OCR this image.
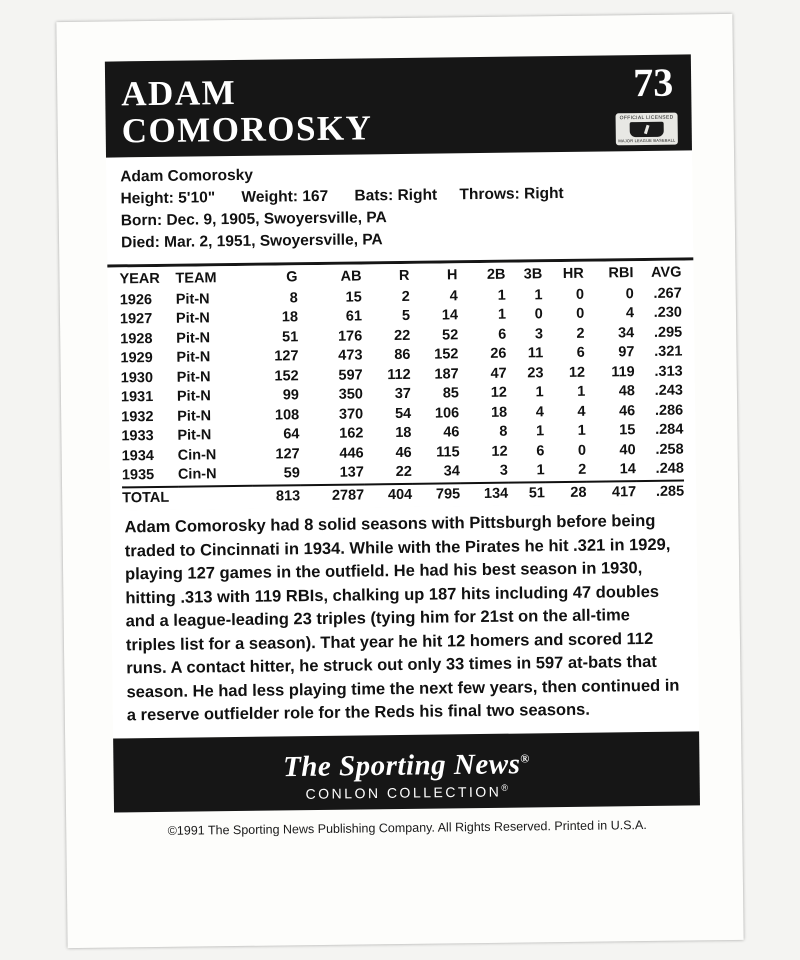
ADAM
COMOROSKY
73
OFFICIAL LICENSED
MAJOR LEAGUE BASEBALL
Adam Comorosky
Height: 5'10" Weight: 167 Bats: Right Throws: Right
Born: Dec. 9, 1905, Swoyersville, PA
Died: Mar. 2, 1951, Swoyersville, PA
YEAR	TEAM	G	AB	R	H	2B	3B	HR	RBI	AVG
1926	Pit-N	8	15	2	4	1	1	0	0	.267
1927	Pit-N	18	61	5	14	1	0	0	4	.230
1928	Pit-N	51	176	22	52	6	3	2	34	.295
1929	Pit-N	127	473	86	152	26	11	6	97	.321
1930	Pit-N	152	597	112	187	47	23	12	119	.313
1931	Pit-N	99	350	37	85	12	1	1	48	.243
1932	Pit-N	108	370	54	106	18	4	4	46	.286
1933	Pit-N	64	162	18	46	8	1	1	15	.284
1934	Cin-N	127	446	46	115	12	6	0	40	.258
1935	Cin-N	59	137	22	34	3	1	2	14	.248
TOTAL		813	2787	404	795	134	51	28	417	.285
Adam Comorosky had 8 solid seasons with Pittsburgh before being traded to Cincinnati in 1934. While with the Pirates he hit .321 in 1929, playing 127 games in the outfield. He had his best season in 1930, hitting .313 with 119 RBIs, chalking up 187 hits including 47 doubles and a league-leading 23 triples (tying him for 21st on the all-time triples list for a season). That year he hit 12 homers and scored 112 runs. A contact hitter, he struck out only 33 times in 597 at-bats that season. He had less playing time the next few years, then continued in a reserve outfielder role for the Reds his final two seasons.
The Sporting News®
CONLON COLLECTION®
©1991 The Sporting News Publishing Company. All Rights Reserved. Printed in U.S.A.
